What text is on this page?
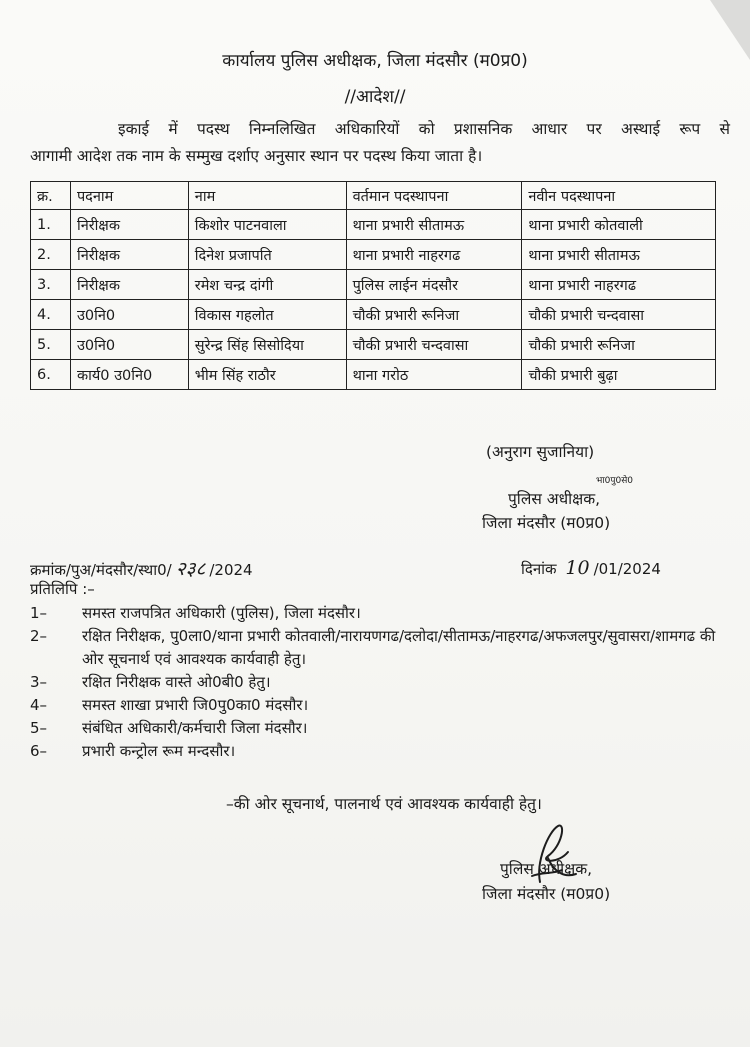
कार्यालय पुलिस अधीक्षक, जिला मंदसौर (म0प्र0)
//आदेश//
इकाई में पदस्थ निम्नलिखित अधिकारियों को प्रशासनिक आधार पर अस्थाई रूप से
आगामी आदेश तक नाम के सम्मुख दर्शाए अनुसार स्थान पर पदस्थ किया जाता है।
क्र.	पदनाम	नाम	वर्तमान पदस्थापना	नवीन पदस्थापना
1.	निरीक्षक	किशोर पाटनवाला	थाना प्रभारी सीतामऊ	थाना प्रभारी कोतवाली
2.	निरीक्षक	दिनेश प्रजापति	थाना प्रभारी नाहरगढ	थाना प्रभारी सीतामऊ
3.	निरीक्षक	रमेश चन्द्र दांगी	पुलिस लाईन मंदसौर	थाना प्रभारी नाहरगढ
4.	उ0नि0	विकास गहलोत	चौकी प्रभारी रूनिजा	चौकी प्रभारी चन्दवासा
5.	उ0नि0	सुरेन्द्र सिंह सिसोदिया	चौकी प्रभारी चन्दवासा	चौकी प्रभारी रूनिजा
6.	कार्य0 उ0नि0	भीम सिंह राठौर	थाना गरोठ	चौकी प्रभारी बुढ़ा
(अनुराग सुजानिया)
भा0पु0से0
पुलिस अधीक्षक,
जिला मंदसौर (म0प्र0)
क्रमांक/पुअ/मंदसौर/स्था0/ २३८ /2024	दिनांक 10 /01/2024
प्रतिलिपि :–
1–	समस्त राजपत्रित अधिकारी (पुलिस), जिला मंदसौर।
2–	रक्षित निरीक्षक, पु0ला0/थाना प्रभारी कोतवाली/नारायणगढ/दलोदा/सीतामऊ/नाहरगढ/अफजलपुर/सुवासरा/शामगढ की ओर सूचनार्थ एवं आवश्यक कार्यवाही हेतु।
3–	रक्षित निरीक्षक वास्ते ओ0बी0 हेतु।
4–	समस्त शाखा प्रभारी जि0पु0का0 मंदसौर।
5–	संबंधित अधिकारी/कर्मचारी जिला मंदसौर।
6–	प्रभारी कन्ट्रोल रूम मन्दसौर।
–की ओर सूचनार्थ, पालनार्थ एवं आवश्यक कार्यवाही हेतु।
पुलिस अधीक्षक,
जिला मंदसौर (म0प्र0)
